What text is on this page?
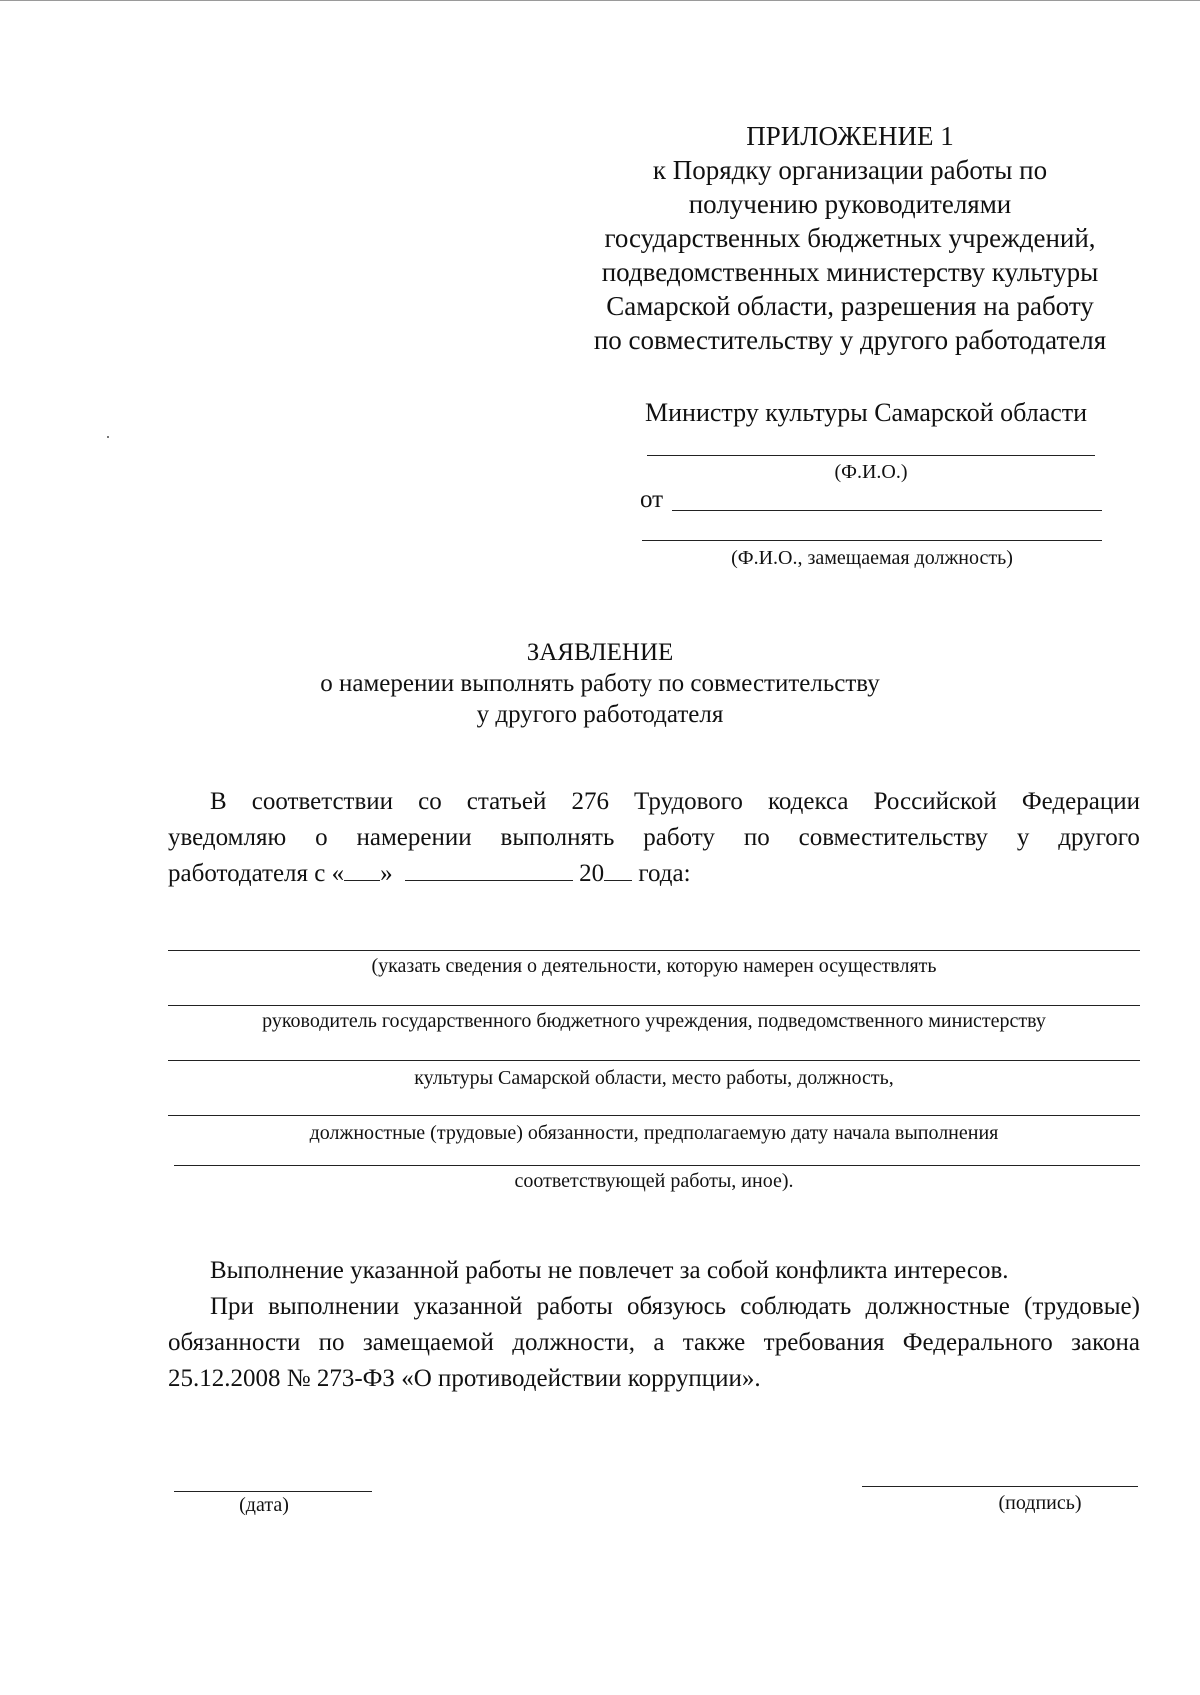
ПРИЛОЖЕНИЕ 1
к Порядку организации работы по
получению руководителями
государственных бюджетных учреждений,
подведомственных министерству культуры
Самарской области, разрешения на работу
по совместительству у другого работодателя
Министру культуры Самарской области
(Ф.И.О.)
от
(Ф.И.О., замещаемая должность)
ЗАЯВЛЕНИЕ
о намерении выполнять работу по совместительству
у другого работодателя
В соответствии со статьей 276 Трудового кодекса Российской Федерации
уведомляю о намерении выполнять работу по совместительству у другого
работодателя с « »	20 года:
(указать сведения о деятельности, которую намерен осуществлять
руководитель государственного бюджетного учреждения, подведомственного министерству
культуры Самарской области, место работы, должность,
должностные (трудовые) обязанности, предполагаемую дату начала выполнения
соответствующей работы, иное).
Выполнение указанной работы не повлечет за собой конфликта интересов.
При выполнении указанной работы обязуюсь соблюдать должностные (трудовые)
обязанности по замещаемой должности, а также требования Федерального закона
25.12.2008 № 273-ФЗ «О противодействии коррупции».
(дата)	(подпись)
